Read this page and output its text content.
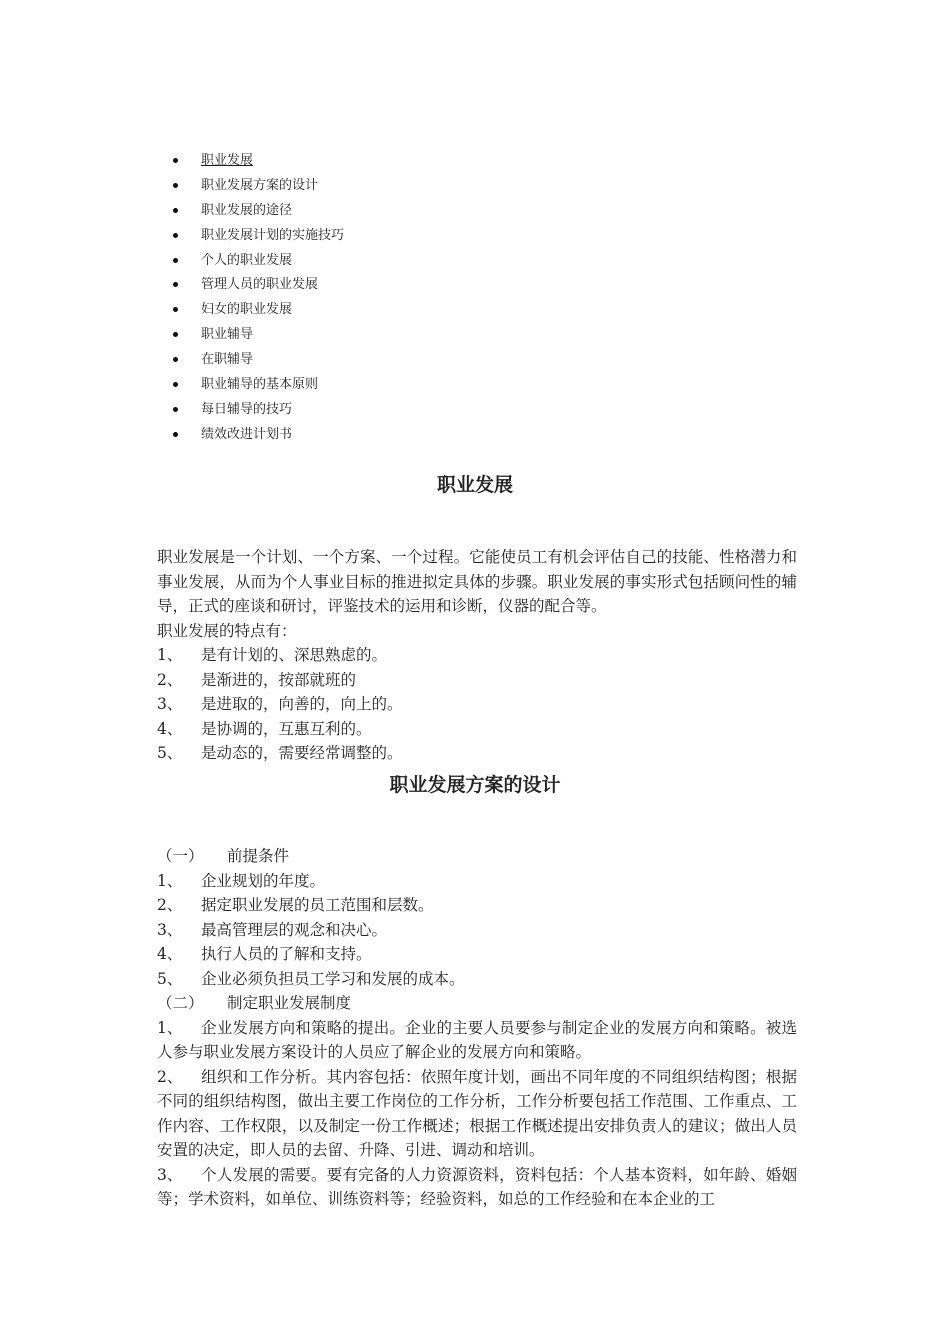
职业发展
职业发展方案的设计
职业发展的途径
职业发展计划的实施技巧
个人的职业发展
管理人员的职业发展
妇女的职业发展
职业辅导
在职辅导
职业辅导的基本原则
每日辅导的技巧
绩效改进计划书
职业发展

职业发展是一个计划、一个方案、一个过程。它能使员工有机会评估自己的技能、性格潜力和事业发展，从而为个人事业目标的推进拟定具体的步骤。职业发展的事实形式包括顾问性的辅导，正式的座谈和研讨，评鉴技术的运用和诊断，仪器的配合等。

职业发展的特点有：

1、 是有计划的、深思熟虑的。

2、 是渐进的，按部就班的

3、 是进取的，向善的，向上的。

4、 是协调的，互惠互利的。

5、 是动态的，需要经常调整的。

职业发展方案的设计

（一） 前提条件

1、 企业规划的年度。

2、 据定职业发展的员工范围和层数。

3、 最高管理层的观念和决心。

4、 执行人员的了解和支持。

5、 企业必须负担员工学习和发展的成本。

（二） 制定职业发展制度

1、 企业发展方向和策略的提出。企业的主要人员要参与制定企业的发展方向和策略。被选人参与职业发展方案设计的人员应了解企业的发展方向和策略。

2、 组织和工作分析。其内容包括：依照年度计划，画出不同年度的不同组织结构图；根据不同的组织结构图，做出主要工作岗位的工作分析，工作分析要包括工作范围、工作重点、工作内容、工作权限，以及制定一份工作概述；根据工作概述提出安排负责人的建议；做出人员安置的决定，即人员的去留、升降、引进、调动和培训。

3、 个人发展的需要。要有完备的人力资源资料，资料包括：个人基本资料，如年龄、婚姻等；学术资料，如单位、训练资料等；经验资料，如总的工作经验和在本企业的工
